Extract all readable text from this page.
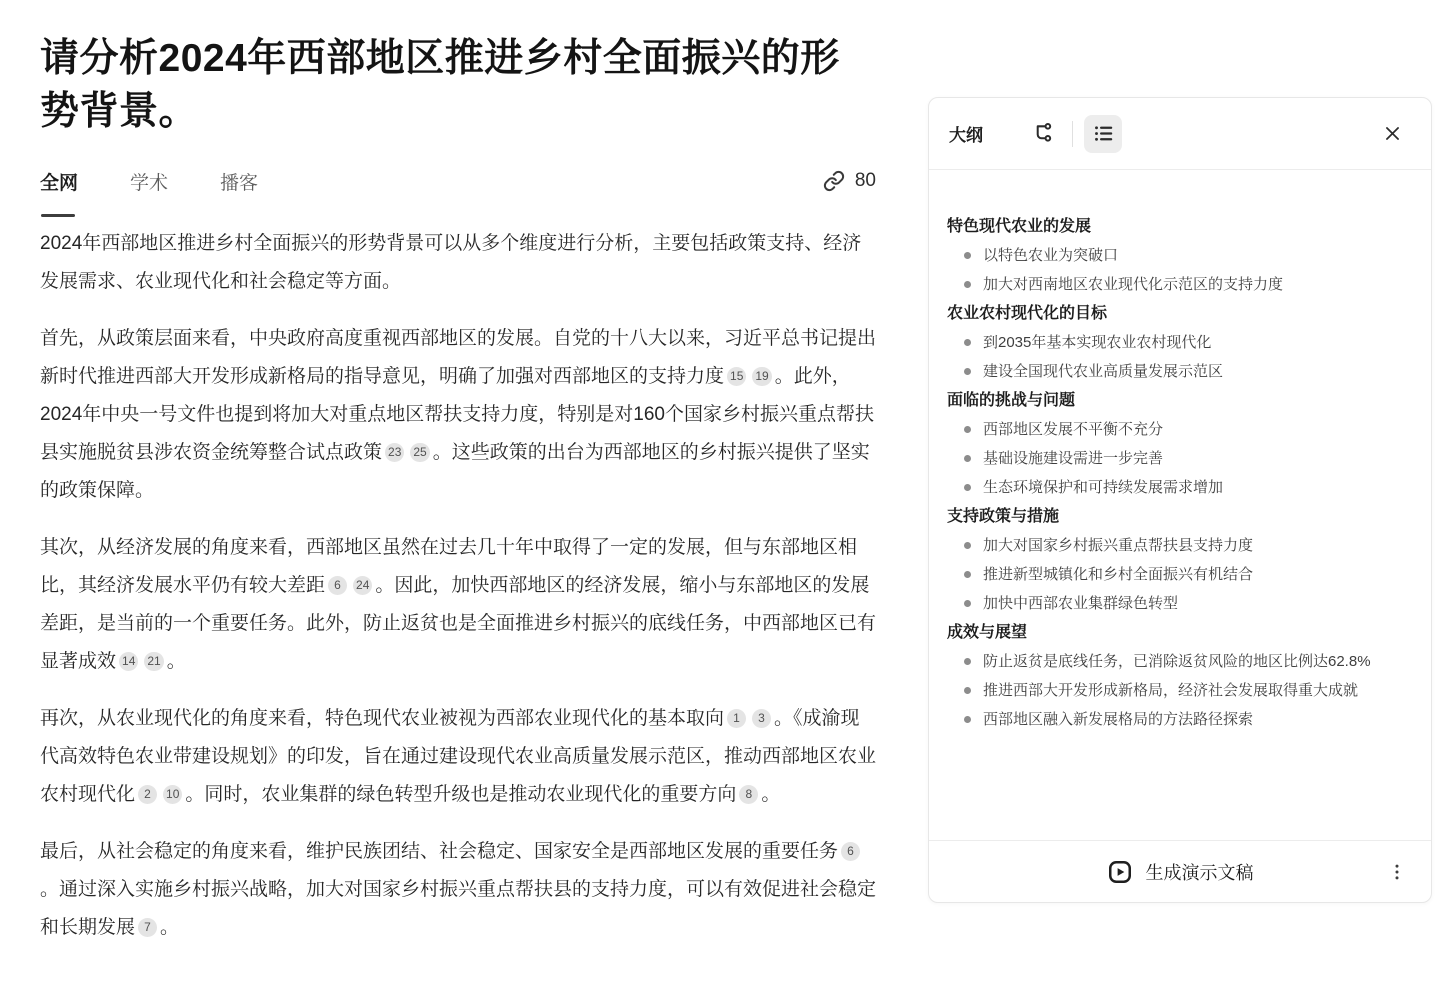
请分析2024年西部地区推进乡村全面振兴的形势背景。
全网	学术	播客	80

2024年西部地区推进乡村全面振兴的形势背景可以从多个维度进行分析，主要包括政策支持、经济发展需求、农业现代化和社会稳定等方面。

首先，从政策层面来看，中央政府高度重视西部地区的发展。自党的十八大以来，习近平总书记提出新时代推进西部大开发形成新格局的指导意见，明确了加强对西部地区的支持力度 15 19 。此外，2024年中央一号文件也提到将加大对重点地区帮扶支持力度，特别是对160个国家乡村振兴重点帮扶县实施脱贫县涉农资金统筹整合试点政策 23 25 。这些政策的出台为西部地区的乡村振兴提供了坚实的政策保障。

其次，从经济发展的角度来看，西部地区虽然在过去几十年中取得了一定的发展，但与东部地区相比，其经济发展水平仍有较大差距 6 24 。因此，加快西部地区的经济发展，缩小与东部地区的发展差距，是当前的一个重要任务。此外，防止返贫也是全面推进乡村振兴的底线任务，中西部地区已有显著成效 14 21 。

再次，从农业现代化的角度来看，特色现代农业被视为西部农业现代化的基本取向 1 3 。《成渝现代高效特色农业带建设规划》的印发，旨在通过建设现代农业高质量发展示范区，推动西部地区农业农村现代化 2 10 。同时，农业集群的绿色转型升级也是推动农业现代化的重要方向 8 。

最后，从社会稳定的角度来看，维护民族团结、社会稳定、国家安全是西部地区发展的重要任务 6。通过深入实施乡村振兴战略，加大对国家乡村振兴重点帮扶县的支持力度，可以有效促进社会稳定和长期发展 7 。

大纲
特色现代农业的发展
以特色农业为突破口
加大对西南地区农业现代化示范区的支持力度
农业农村现代化的目标
到2035年基本实现农业农村现代化
建设全国现代农业高质量发展示范区
面临的挑战与问题
西部地区发展不平衡不充分
基础设施建设需进一步完善
生态环境保护和可持续发展需求增加
支持政策与措施
加大对国家乡村振兴重点帮扶县支持力度
推进新型城镇化和乡村全面振兴有机结合
加快中西部农业集群绿色转型
成效与展望
防止返贫是底线任务，已消除返贫风险的地区比例达62.8%
推进西部大开发形成新格局，经济社会发展取得重大成就
西部地区融入新发展格局的方法路径探索
生成演示文稿
